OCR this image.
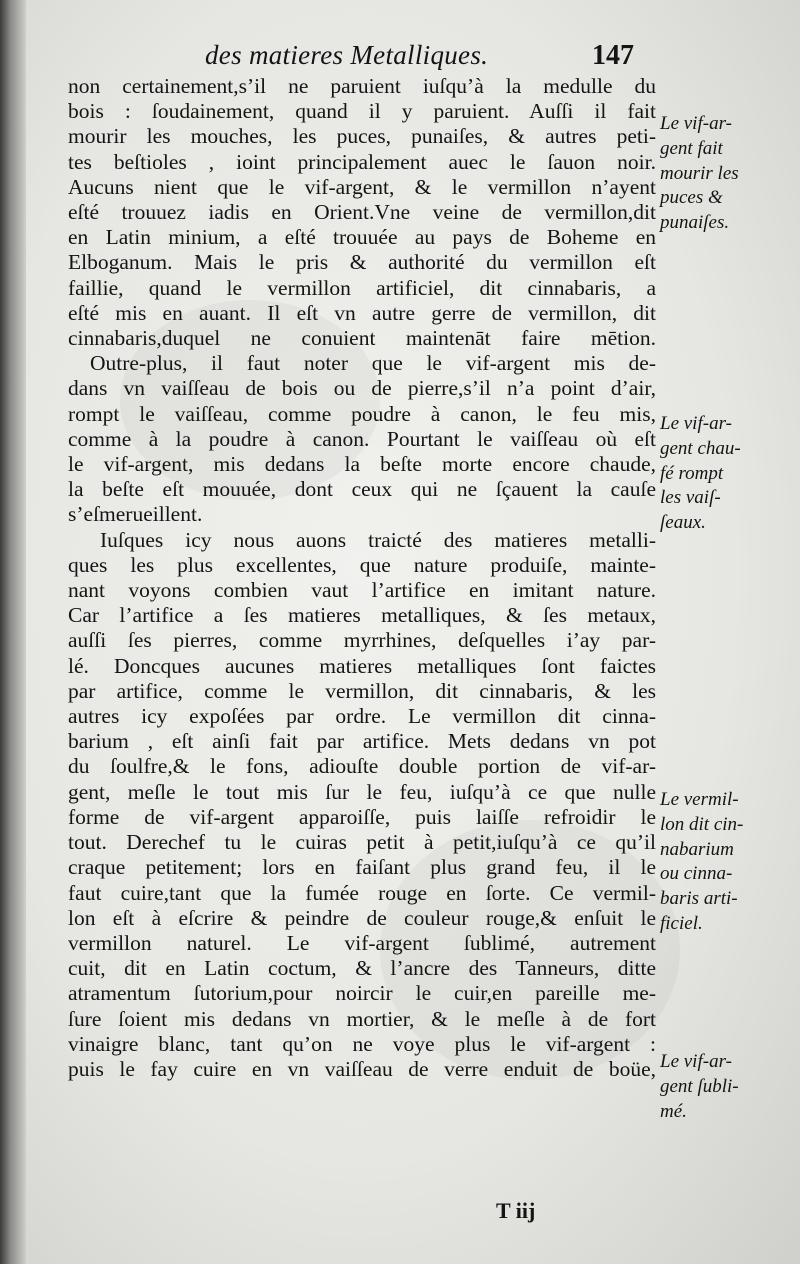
des matieres Metalliques.	147
non certainement,s’il ne paruient iuſqu’à la medulle du
bois : ſoudainement, quand il y paruient. Auſſi il fait
mourir les mouches, les puces, punaiſes, & autres peti-
tes beſtioles , ioint principalement auec le ſauon noir.
Aucuns nient que le vif-argent, & le vermillon n’ayent
eſté trouuez iadis en Orient.Vne veine de vermillon,dit
en Latin minium, a eſté trouuée au pays de Boheme en
Elboganum. Mais le pris & authorité du vermillon eſt
faillie, quand le vermillon artificiel, dit cinnabaris, a
eſté mis en auant. Il eſt vn autre gerre de vermillon, dit
cinnabaris,duquel ne conuient maintenāt faire mētion.
Outre-plus, il faut noter que le vif-argent mis de-
dans vn vaiſſeau de bois ou de pierre,s’il n’a point d’air,
rompt le vaiſſeau, comme poudre à canon, le feu mis,
comme à la poudre à canon. Pourtant le vaiſſeau où eſt
le vif-argent, mis dedans la beſte morte encore chaude,
la beſte eſt mouuée, dont ceux qui ne ſçauent la cauſe
s’eſmerueillent.
Iuſques icy nous auons traicté des matieres metalli-
ques les plus excellentes, que nature produiſe, mainte-
nant voyons combien vaut l’artifice en imitant nature.
Car l’artifice a ſes matieres metalliques, & ſes metaux,
auſſi ſes pierres, comme myrrhines, deſquelles i’ay par-
lé. Doncques aucunes matieres metalliques ſont faictes
par artifice, comme le vermillon, dit cinnabaris, & les
autres icy expoſées par ordre. Le vermillon dit cinna-
barium , eſt ainſi fait par artifice. Mets dedans vn pot
du ſoulfre,& le fons, adiouſte double portion de vif-ar-
gent, meſle le tout mis ſur le feu, iuſqu’à ce que nulle
forme de vif-argent apparoiſſe, puis laiſſe refroidir le
tout. Derechef tu le cuiras petit à petit,iuſqu’à ce qu’il
craque petitement; lors en faiſant plus grand feu, il le
faut cuire,tant que la fumée rouge en ſorte. Ce vermil-
lon eſt à eſcrire & peindre de couleur rouge,& enſuit le
vermillon naturel. Le vif-argent ſublimé, autrement
cuit, dit en Latin coctum, & l’ancre des Tanneurs, ditte
atramentum ſutorium,pour noircir le cuir,en pareille me-
ſure ſoient mis dedans vn mortier, & le meſle à de fort
vinaigre blanc, tant qu’on ne voye plus le vif-argent :
puis le fay cuire en vn vaiſſeau de verre enduit de boüe,
Le vif-ar-
gent fait
mourir les
puces &
punaiſes.
Le vif-ar-
gent chau-
fé rompt
les vaiſ-
ſeaux.
Le vermil-
lon dit cin-
nabarium
ou cinna-
baris arti-
ficiel.
Le vif-ar-
gent ſubli-
mé.
T iij
